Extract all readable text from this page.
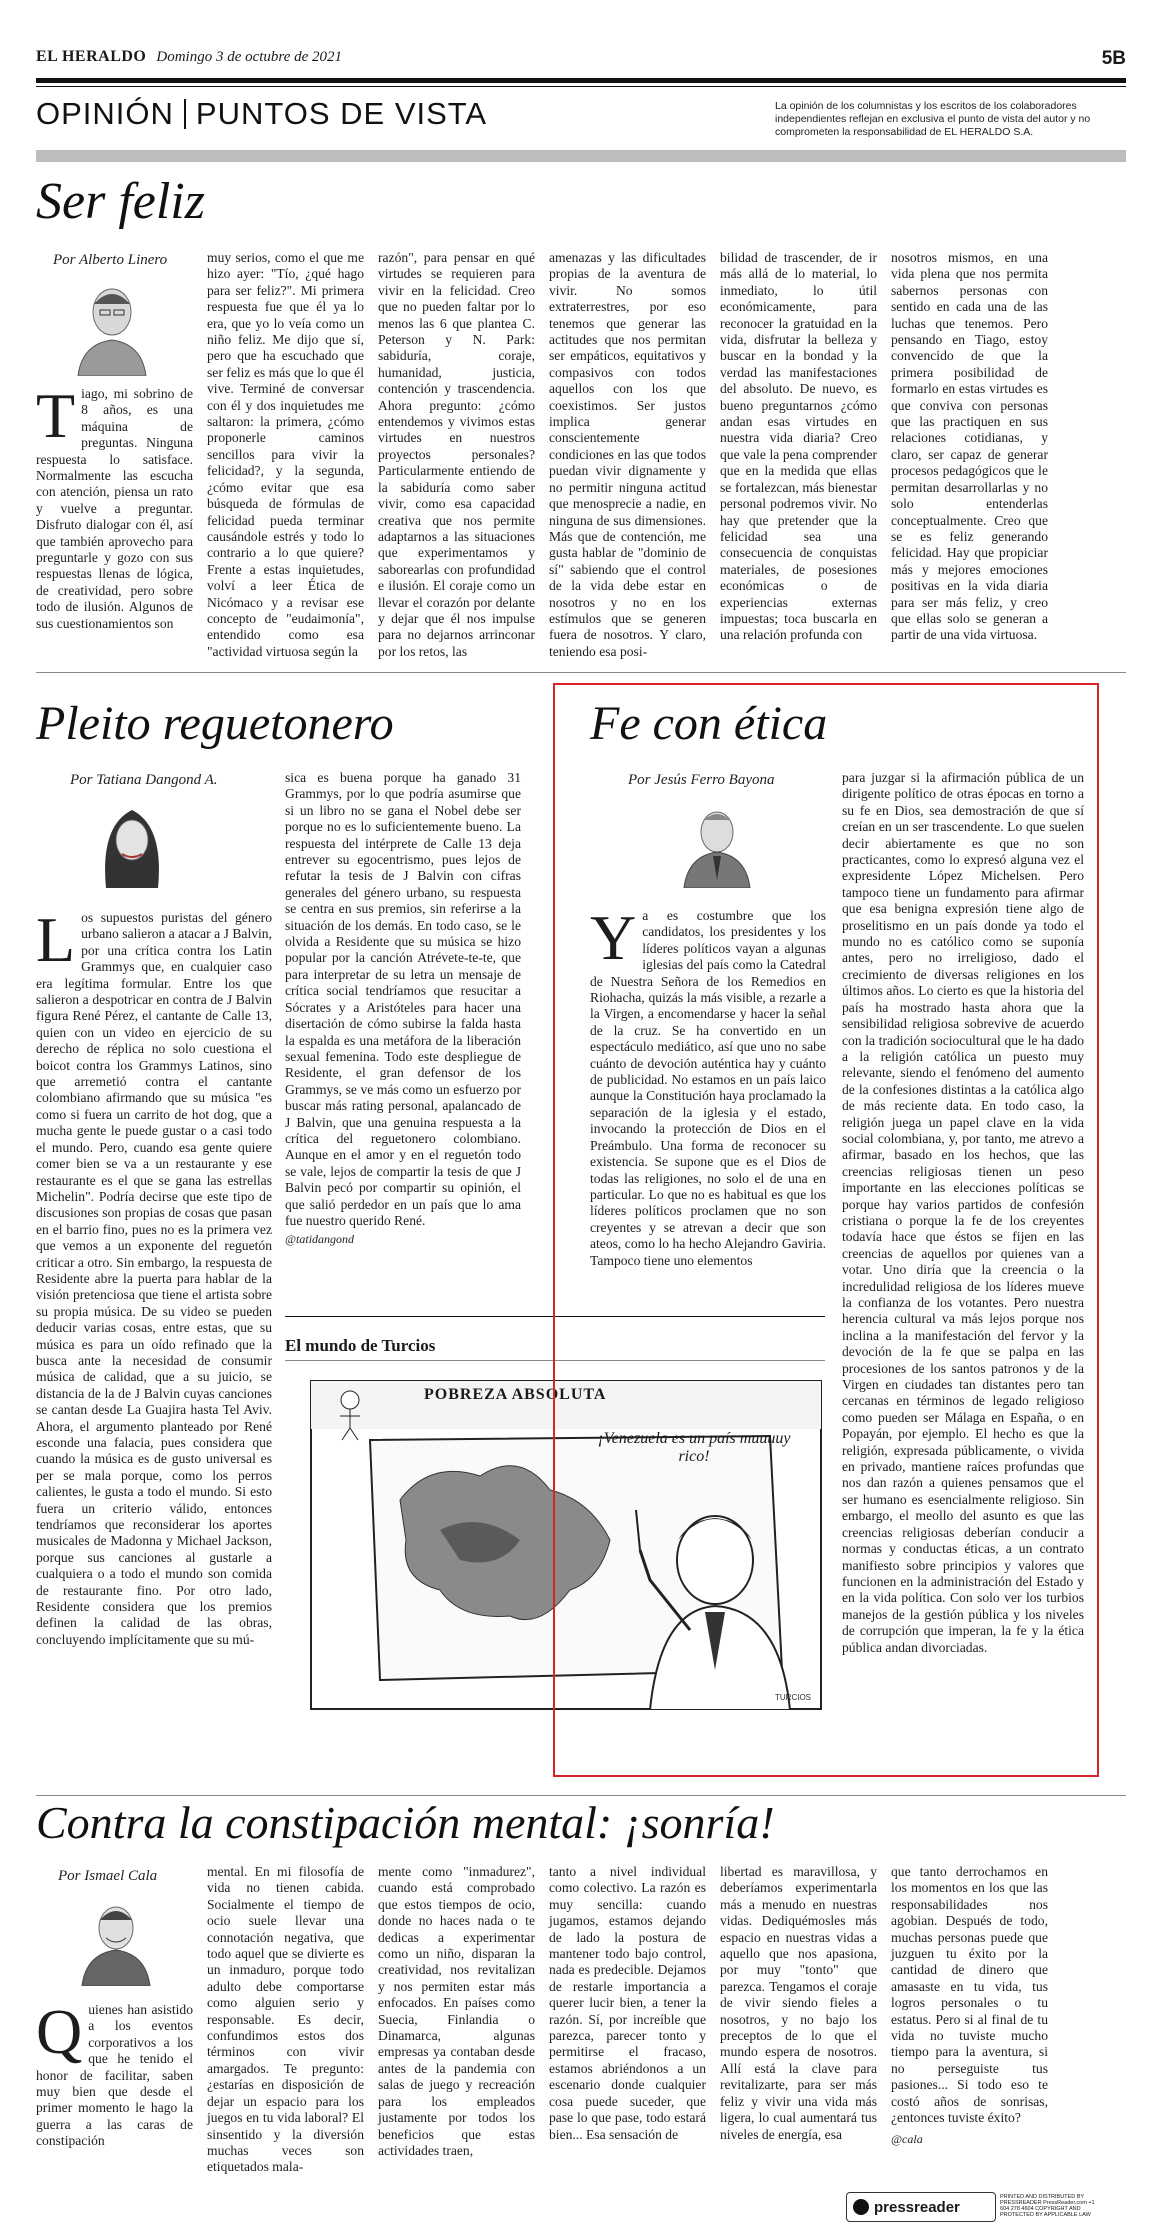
EL HERALDO Domingo 3 de octubre de 2021	5B
OPINIÓN PUNTOS DE VISTA	La opinión de los columnistas y los escritos de los colaboradores independientes reflejan en exclusiva el punto de vista del autor y no comprometen la responsabilidad de EL HERALDO S.A.
Ser feliz
Por Alberto Linero
Tiago, mi sobrino de 8 años, es una máquina de preguntas. Ninguna respuesta lo satisface. Normalmente las escucha con atención, piensa un rato y vuelve a preguntar. Disfruto dialogar con él, así que también aprovecho para preguntarle y gozo con sus respuestas llenas de lógica, de creatividad, pero sobre todo de ilusión. Algunos de sus cuestionamientos son
muy serios, como el que me hizo ayer: "Tío, ¿qué hago para ser feliz?". Mi primera respuesta fue que él ya lo era, que yo lo veía como un niño feliz. Me dijo que sí, pero que ha escuchado que ser feliz es más que lo que él vive. Terminé de conversar con él y dos inquietudes me saltaron: la primera, ¿cómo proponerle caminos sencillos para vivir la felicidad?, y la segunda, ¿cómo evitar que esa búsqueda de fórmulas de felicidad pueda terminar causándole estrés y todo lo contrario a lo que quiere? Frente a estas inquietudes, volví a leer Ética de Nicómaco y a revisar ese concepto de "eudaimonía", entendido como esa "actividad virtuosa según la
razón", para pensar en qué virtudes se requieren para vivir en la felicidad. Creo que no pueden faltar por lo menos las 6 que plantea C. Peterson y N. Park: sabiduría, coraje, humanidad, justicia, contención y trascendencia. Ahora pregunto: ¿cómo entendemos y vivimos estas virtudes en nuestros proyectos personales? Particularmente entiendo de la sabiduría como saber vivir, como esa capacidad creativa que nos permite adaptarnos a las situaciones que experimentamos y saborearlas con profundidad e ilusión. El coraje como un llevar el corazón por delante y dejar que él nos impulse para no dejarnos arrinconar por los retos, las
amenazas y las dificultades propias de la aventura de vivir. No somos extraterrestres, por eso tenemos que generar las actitudes que nos permitan ser empáticos, equitativos y compasivos con todos aquellos con los que coexistimos. Ser justos implica generar conscientemente condiciones en las que todos puedan vivir dignamente y no permitir ninguna actitud que menosprecie a nadie, en ninguna de sus dimensiones. Más que de contención, me gusta hablar de "dominio de sí" sabiendo que el control de la vida debe estar en nosotros y no en los estímulos que se generen fuera de nosotros. Y claro, teniendo esa posi-
bilidad de trascender, de ir más allá de lo material, lo inmediato, lo útil económicamente, para reconocer la gratuidad en la vida, disfrutar la belleza y buscar en la bondad y la verdad las manifestaciones del absoluto. De nuevo, es bueno preguntarnos ¿cómo andan esas virtudes en nuestra vida diaria? Creo que vale la pena comprender que en la medida que ellas se fortalezcan, más bienestar personal podremos vivir. No hay que pretender que la felicidad sea una consecuencia de conquistas materiales, de posesiones económicas o de experiencias externas impuestas; toca buscarla en una relación profunda con
nosotros mismos, en una vida plena que nos permita sabernos personas con sentido en cada una de las luchas que tenemos. Pero pensando en Tiago, estoy convencido de que la primera posibilidad de formarlo en estas virtudes es que conviva con personas que las practiquen en sus relaciones cotidianas, y claro, ser capaz de generar procesos pedagógicos que le permitan desarrollarlas y no solo entenderlas conceptualmente. Creo que se es feliz generando felicidad. Hay que propiciar más y mejores emociones positivas en la vida diaria para ser más feliz, y creo que ellas solo se generan a partir de una vida virtuosa.
Pleito reguetonero
Por Tatiana Dangond A.
Los supuestos puristas del género urbano salieron a atacar a J Balvin, por una crítica contra los Latin Grammys que, en cualquier caso era legítima formular. Entre los que salieron a despotricar en contra de J Balvin figura René Pérez, el cantante de Calle 13, quien con un video en ejercicio de su derecho de réplica no solo cuestiona el boicot contra los Grammys Latinos, sino que arremetió contra el cantante colombiano afirmando que su música "es como si fuera un carrito de hot dog, que a mucha gente le puede gustar o a casi todo el mundo. Pero, cuando esa gente quiere comer bien se va a un restaurante y ese restaurante es el que se gana las estrellas Michelin". Podría decirse que este tipo de discusiones son propias de cosas que pasan en el barrio fino, pues no es la primera vez que vemos a un exponente del reguetón criticar a otro. Sin embargo, la respuesta de Residente abre la puerta para hablar de la visión pretenciosa que tiene el artista sobre su propia música. De su video se pueden deducir varias cosas, entre estas, que su música es para un oído refinado que la busca ante la necesidad de consumir música de calidad, que a su juicio, se distancia de la de J Balvin cuyas canciones se cantan desde La Guajira hasta Tel Aviv. Ahora, el argumento planteado por René esconde una falacia, pues considera que cuando la música es de gusto universal es per se mala porque, como los perros calientes, le gusta a todo el mundo. Si esto fuera un criterio válido, entonces tendríamos que reconsiderar los aportes musicales de Madonna y Michael Jackson, porque sus canciones al gustarle a cualquiera o a todo el mundo son comida de restaurante fino. Por otro lado, Residente considera que los premios definen la calidad de las obras, concluyendo implícitamente que su mú-
sica es buena porque ha ganado 31 Grammys, por lo que podría asumirse que si un libro no se gana el Nobel debe ser porque no es lo suficientemente bueno. La respuesta del intérprete de Calle 13 deja entrever su egocentrismo, pues lejos de refutar la tesis de J Balvin con cifras generales del género urbano, su respuesta se centra en sus premios, sin referirse a la situación de los demás. En todo caso, se le olvida a Residente que su música se hizo popular por la canción Atrévete-te-te, que para interpretar de su letra un mensaje de crítica social tendríamos que resucitar a Sócrates y a Aristóteles para hacer una disertación de cómo subirse la falda hasta la espalda es una metáfora de la liberación sexual femenina. Todo este despliegue de Residente, el gran defensor de los Grammys, se ve más como un esfuerzo por buscar más rating personal, apalancado de J Balvin, que una genuina respuesta a la crítica del reguetonero colombiano. Aunque en el amor y en el reguetón todo se vale, lejos de compartir la tesis de que J Balvin pecó por compartir su opinión, el que salió perdedor en un país que lo ama fue nuestro querido René.
@tatidangond
El mundo de Turcios
TURCIOS
POBREZA ABSOLUTA
¡Venezuela es un país muuuuy rico!
Fe con ética
Por Jesús Ferro Bayona
Ya es costumbre que los candidatos, los presidentes y los líderes políticos vayan a algunas iglesias del país como la Catedral de Nuestra Señora de los Remedios en Riohacha, quizás la más visible, a rezarle a la Virgen, a encomendarse y hacer la señal de la cruz. Se ha convertido en un espectáculo mediático, así que uno no sabe cuánto de devoción auténtica hay y cuánto de publicidad. No estamos en un país laico aunque la Constitución haya proclamado la separación de la iglesia y el estado, invocando la protección de Dios en el Preámbulo. Una forma de reconocer su existencia. Se supone que es el Dios de todas las religiones, no solo el de una en particular. Lo que no es habitual es que los líderes políticos proclamen que no son creyentes y se atrevan a decir que son ateos, como lo ha hecho Alejandro Gaviria. Tampoco tiene uno elementos
para juzgar si la afirmación pública de un dirigente político de otras épocas en torno a su fe en Dios, sea demostración de que sí creían en un ser trascendente. Lo que suelen decir abiertamente es que no son practicantes, como lo expresó alguna vez el expresidente López Michelsen. Pero tampoco tiene un fundamento para afirmar que esa benigna expresión tiene algo de proselitismo en un país donde ya todo el mundo no es católico como se suponía antes, pero no irreligioso, dado el crecimiento de diversas religiones en los últimos años. Lo cierto es que la historia del país ha mostrado hasta ahora que la sensibilidad religiosa sobrevive de acuerdo con la tradición sociocultural que le ha dado a la religión católica un puesto muy relevante, siendo el fenómeno del aumento de la confesiones distintas a la católica algo de más reciente data. En todo caso, la religión juega un papel clave en la vida social colombiana, y, por tanto, me atrevo a afirmar, basado en los hechos, que las creencias religiosas tienen un peso importante en las elecciones políticas se porque hay varios partidos de confesión cristiana o porque la fe de los creyentes todavía hace que éstos se fijen en las creencias de aquellos por quienes van a votar. Uno diría que la creencia o la incredulidad religiosa de los líderes mueve la confianza de los votantes. Pero nuestra herencia cultural va más lejos porque nos inclina a la manifestación del fervor y la devoción de la fe que se palpa en las procesiones de los santos patronos y de la Virgen en ciudades tan distantes pero tan cercanas en términos de legado religioso como pueden ser Málaga en España, o en Popayán, por ejemplo. El hecho es que la religión, expresada públicamente, o vivida en privado, mantiene raíces profundas que nos dan razón a quienes pensamos que el ser humano es esencialmente religioso. Sin embargo, el meollo del asunto es que las creencias religiosas deberían conducir a normas y conductas éticas, a un contrato manifiesto sobre principios y valores que funcionen en la administración del Estado y en la vida política. Con solo ver los turbios manejos de la gestión pública y los niveles de corrupción que imperan, la fe y la ética pública andan divorciadas.
Contra la constipación mental: ¡sonría!
Por Ismael Cala
Quienes han asistido a los eventos corporativos a los que he tenido el honor de facilitar, saben muy bien que desde el primer momento le hago la guerra a las caras de constipación
mental. En mi filosofía de vida no tienen cabida. Socialmente el tiempo de ocio suele llevar una connotación negativa, que todo aquel que se divierte es un inmaduro, porque todo adulto debe comportarse como alguien serio y responsable. Es decir, confundimos estos dos términos con vivir amargados. Te pregunto: ¿estarías en disposición de dejar un espacio para los juegos en tu vida laboral? El sinsentido y la diversión muchas veces son etiquetados mala-
mente como "inmadurez", cuando está comprobado que estos tiempos de ocio, donde no haces nada o te dedicas a experimentar como un niño, disparan la creatividad, nos revitalizan y nos permiten estar más enfocados. En países como Suecia, Finlandia o Dinamarca, algunas empresas ya contaban desde antes de la pandemia con salas de juego y recreación para los empleados justamente por todos los beneficios que estas actividades traen,
tanto a nivel individual como colectivo. La razón es muy sencilla: cuando jugamos, estamos dejando de lado la postura de mantener todo bajo control, nada es predecible. Dejamos de restarle importancia a querer lucir bien, a tener la razón. Sí, por increíble que parezca, parecer tonto y permitirse el fracaso, estamos abriéndonos a un escenario donde cualquier cosa puede suceder, que pase lo que pase, todo estará bien... Esa sensación de
libertad es maravillosa, y deberíamos experimentarla más a menudo en nuestras vidas. Dediquémosles más espacio en nuestras vidas a aquello que nos apasiona, por muy "tonto" que parezca. Tengamos el coraje de vivir siendo fieles a nosotros, y no bajo los preceptos de lo que el mundo espera de nosotros. Allí está la clave para revitalizarte, para ser más feliz y vivir una vida más ligera, lo cual aumentará tus niveles de energía, esa
que tanto derrochamos en los momentos en los que las responsabilidades nos agobian. Después de todo, muchas personas puede que juzguen tu éxito por la cantidad de dinero que amasaste en tu vida, tus logros personales o tu estatus. Pero si al final de tu vida no tuviste mucho tiempo para la aventura, si no perseguiste tus pasiones... Si todo eso te costó años de sonrisas, ¿entonces tuviste éxito?
@cala
pressreader
PRINTED AND DISTRIBUTED BY PRESSREADER PressReader.com +1 604 278 4604 COPYRIGHT AND PROTECTED BY APPLICABLE LAW
